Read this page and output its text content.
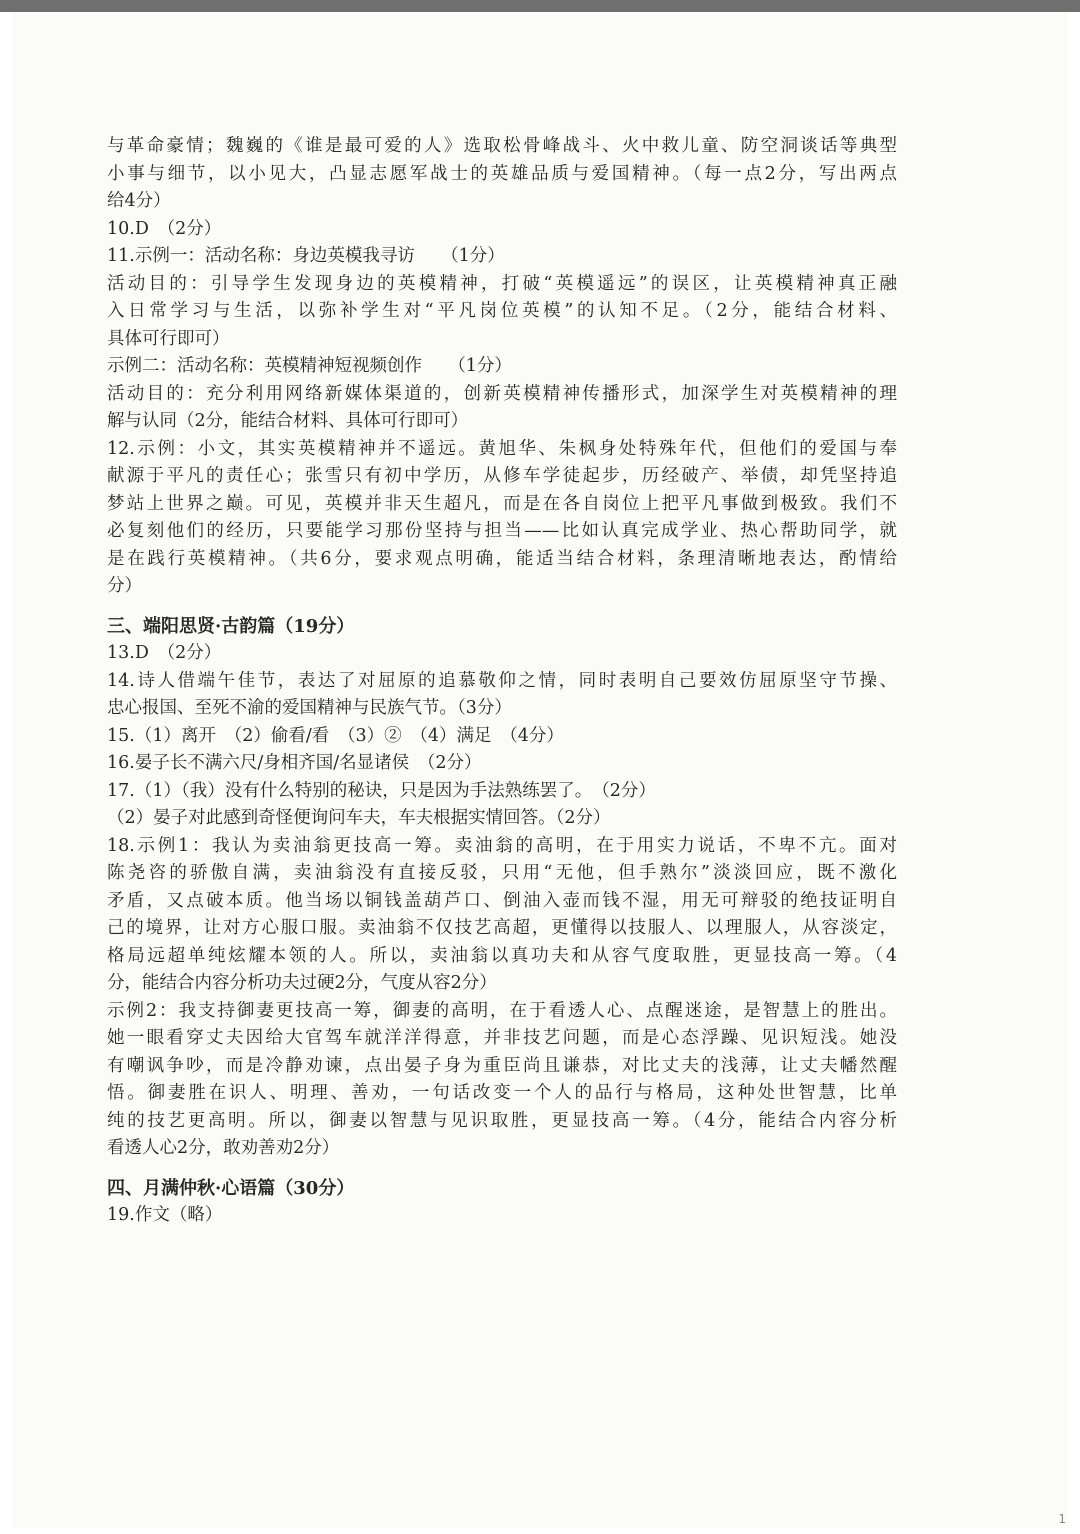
与革命豪情；魏巍的《谁是最可爱的人》选取松骨峰战斗、火中救儿童、防空洞谈话等典型
小事与细节，以小见大，凸显志愿军战士的英雄品质与爱国精神。（每一点2分，写出两点
给4分）
10.D　（2分）
11.示例一：活动名称：身边英模我寻访　　（1分）
活动目的：引导学生发现身边的英模精神，打破“英模遥远”的误区，让英模精神真正融
入日常学习与生活，以弥补学生对“平凡岗位英模”的认知不足。（2分，能结合材料、
具体可行即可）
示例二：活动名称：英模精神短视频创作　　（1分）
活动目的：充分利用网络新媒体渠道的，创新英模精神传播形式，加深学生对英模精神的理
解与认同（2分，能结合材料、具体可行即可）
12.示例：小文，其实英模精神并不遥远。黄旭华、朱枫身处特殊年代，但他们的爱国与奉
献源于平凡的责任心；张雪只有初中学历，从修车学徒起步，历经破产、举债，却凭坚持追
梦站上世界之巅。可见，英模并非天生超凡，而是在各自岗位上把平凡事做到极致。我们不
必复刻他们的经历，只要能学习那份坚持与担当——比如认真完成学业、热心帮助同学，就
是在践行英模精神。（共6分，要求观点明确，能适当结合材料，条理清晰地表达，酌情给
分）
三、端阳思贤·古韵篇（19分）
13.D　（2分）
14.诗人借端午佳节，表达了对屈原的追慕敬仰之情，同时表明自己要效仿屈原坚守节操、
忠心报国、至死不渝的爱国精神与民族气节。（3分）
15.（1）离开　（2）偷看/看　（3）②　（4）满足　（4分）
16.晏子长不满六尺/身相齐国/名显诸侯　（2分）
17.（1）（我）没有什么特别的秘诀，只是因为手法熟练罢了。　（2分）
（2）晏子对此感到奇怪便询问车夫，车夫根据实情回答。（2分）
18.示例1：我认为卖油翁更技高一筹。卖油翁的高明，在于用实力说话，不卑不亢。面对
陈尧咨的骄傲自满，卖油翁没有直接反驳，只用“无他，但手熟尔”淡淡回应，既不激化
矛盾，又点破本质。他当场以铜钱盖葫芦口、倒油入壶而钱不湿，用无可辩驳的绝技证明自
己的境界，让对方心服口服。卖油翁不仅技艺高超，更懂得以技服人、以理服人，从容淡定，
格局远超单纯炫耀本领的人。所以，卖油翁以真功夫和从容气度取胜，更显技高一筹。（4
分，能结合内容分析功夫过硬2分，气度从容2分）
示例2：我支持御妻更技高一筹，御妻的高明，在于看透人心、点醒迷途，是智慧上的胜出。
她一眼看穿丈夫因给大官驾车就洋洋得意，并非技艺问题，而是心态浮躁、见识短浅。她没
有嘲讽争吵，而是冷静劝谏，点出晏子身为重臣尚且谦恭，对比丈夫的浅薄，让丈夫幡然醒
悟。御妻胜在识人、明理、善劝，一句话改变一个人的品行与格局，这种处世智慧，比单
纯的技艺更高明。所以，御妻以智慧与见识取胜，更显技高一筹。（4分，能结合内容分析
看透人心2分，敢劝善劝2分）
四、月满仲秋·心语篇（30分）
19.作文（略）
1
